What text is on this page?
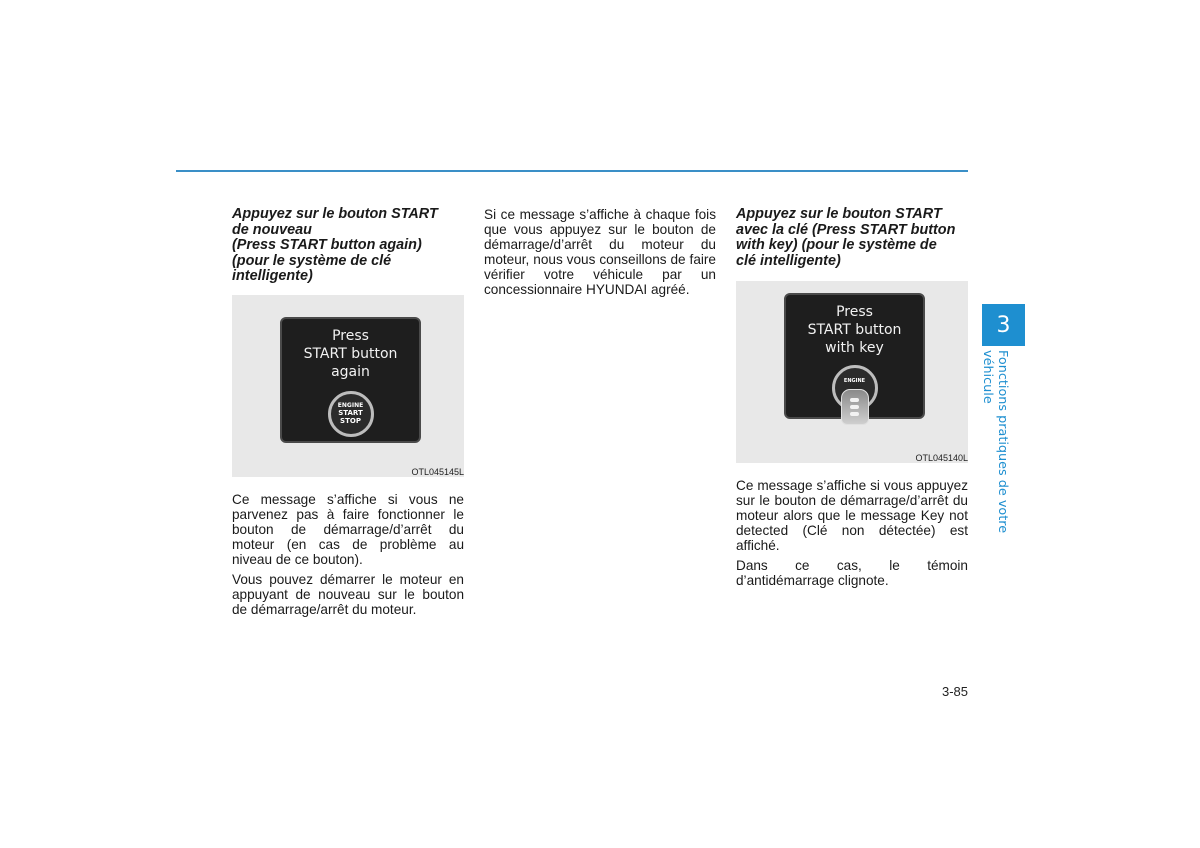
Appuyez sur le bouton START
de nouveau
(Press START button again)
(pour le système de clé
intelligente)
Press
START button
again
ENGINE
START
STOP
OTL045145L

Ce message s’affiche si vous ne parvenez pas à faire fonctionner le bouton de démarrage/d’arrêt du moteur (en cas de problème au niveau de ce bouton).

Vous pouvez démarrer le moteur en appuyant de nouveau sur le bouton de démarrage/arrêt du moteur.

Si ce message s’affiche à chaque fois que vous appuyez sur le bouton de démarrage/d’arrêt du moteur du moteur, nous vous conseillons de faire vérifier votre véhicule par un concessionnaire HYUNDAI agréé.

Appuyez sur le bouton START
avec la clé (Press START button
with key) (pour le système de
clé intelligente)
Press
START button
with key
ENGINE
OTL045140L

Ce message s’affiche si vous appuyez sur le bouton de démarrage/d’arrêt du moteur alors que le message Key not detected (Clé non détectée) est affiché.

Dans ce cas, le témoin d’antidémarrage clignote.

3
Fonctions pratiques de votre véhicule
3-85
